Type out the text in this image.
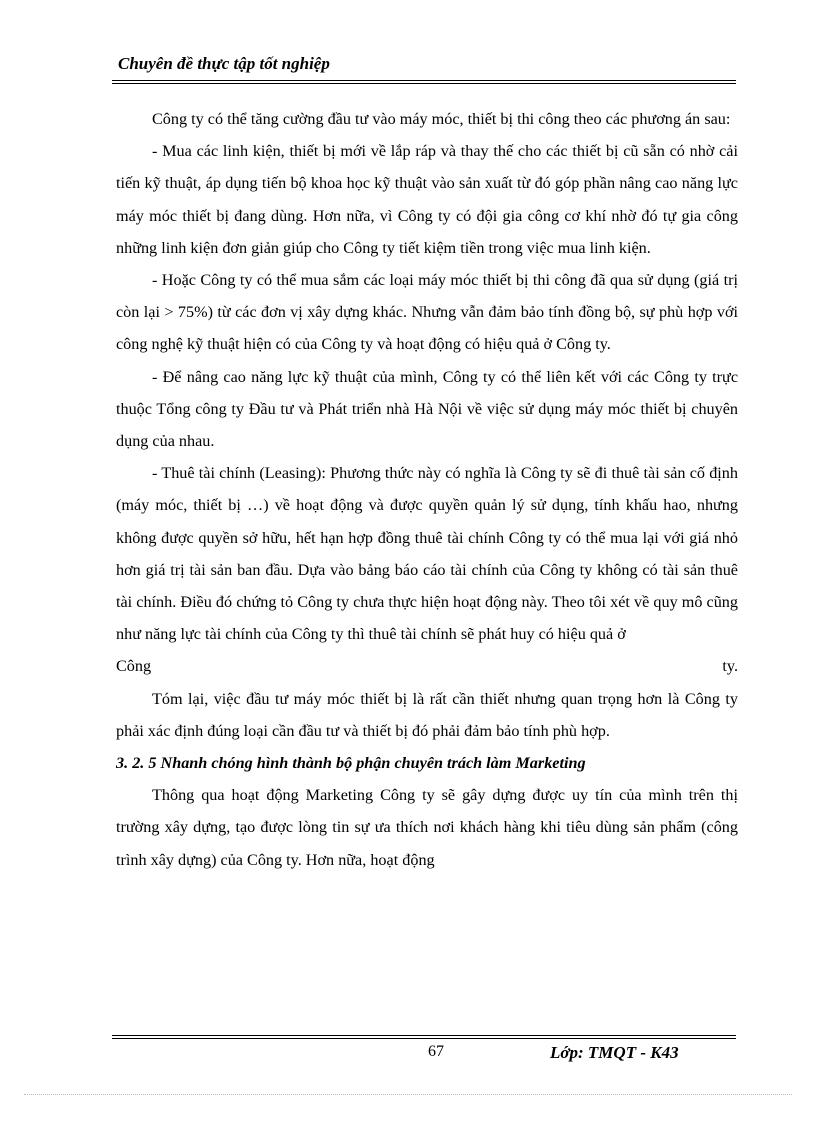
Chuyên đề thực tập tốt nghiệp

Công ty có thể tăng cường đầu tư vào máy móc, thiết bị thi công theo các phương án sau:

- Mua các linh kiện, thiết bị mới về lắp ráp và thay thế cho các thiết bị cũ sẵn có nhờ cải tiến kỹ thuật, áp dụng tiến bộ khoa học kỹ thuật vào sản xuất từ đó góp phần nâng cao năng lực máy móc thiết bị đang dùng. Hơn nữa, vì Công ty có đội gia công cơ khí nhờ đó tự gia công những linh kiện đơn giản giúp cho Công ty tiết kiệm tiền trong việc mua linh kiện.

- Hoặc Công ty có thể mua sắm các loại máy móc thiết bị thi công đã qua sử dụng (giá trị còn lại > 75%) từ các đơn vị xây dựng khác. Nhưng vẫn đảm bảo tính đồng bộ, sự phù hợp với công nghệ kỹ thuật hiện có của Công ty và hoạt động có hiệu quả ở Công ty.

- Để nâng cao năng lực kỹ thuật của mình, Công ty có thể liên kết với các Công ty trực thuộc Tổng công ty Đầu tư và Phát triển nhà Hà Nội về việc sử dụng máy móc thiết bị chuyên dụng của nhau.

- Thuê tài chính (Leasing): Phương thức này có nghĩa là Công ty sẽ đi thuê tài sản cố định (máy móc, thiết bị …) về hoạt động và được quyền quản lý sử dụng, tính khấu hao, nhưng không được quyền sở hữu, hết hạn hợp đồng thuê tài chính Công ty có thể mua lại với giá nhỏ hơn giá trị tài sản ban đầu. Dựa vào bảng báo cáo tài chính của Công ty không có tài sản thuê tài chính. Điều đó chứng tỏ Công ty chưa thực hiện hoạt động này. Theo tôi xét về quy mô cũng như năng lực tài chính của Công ty thì thuê tài chính sẽ phát huy có hiệu quả ở

Công	ty.

Tóm lại, việc đầu tư máy móc thiết bị là rất cần thiết nhưng quan trọng hơn là Công ty phải xác định đúng loại cần đầu tư và thiết bị đó phải đảm bảo tính phù hợp.

3. 2. 5 Nhanh chóng hình thành bộ phận chuyên trách làm Marketing

Thông qua hoạt động Marketing Công ty sẽ gây dựng được uy tín của mình trên thị trường xây dựng, tạo được lòng tin sự ưa thích nơi khách hàng khi tiêu dùng sản phẩm (công trình xây dựng) của Công ty. Hơn nữa, hoạt động

67	Lớp: TMQT - K43
